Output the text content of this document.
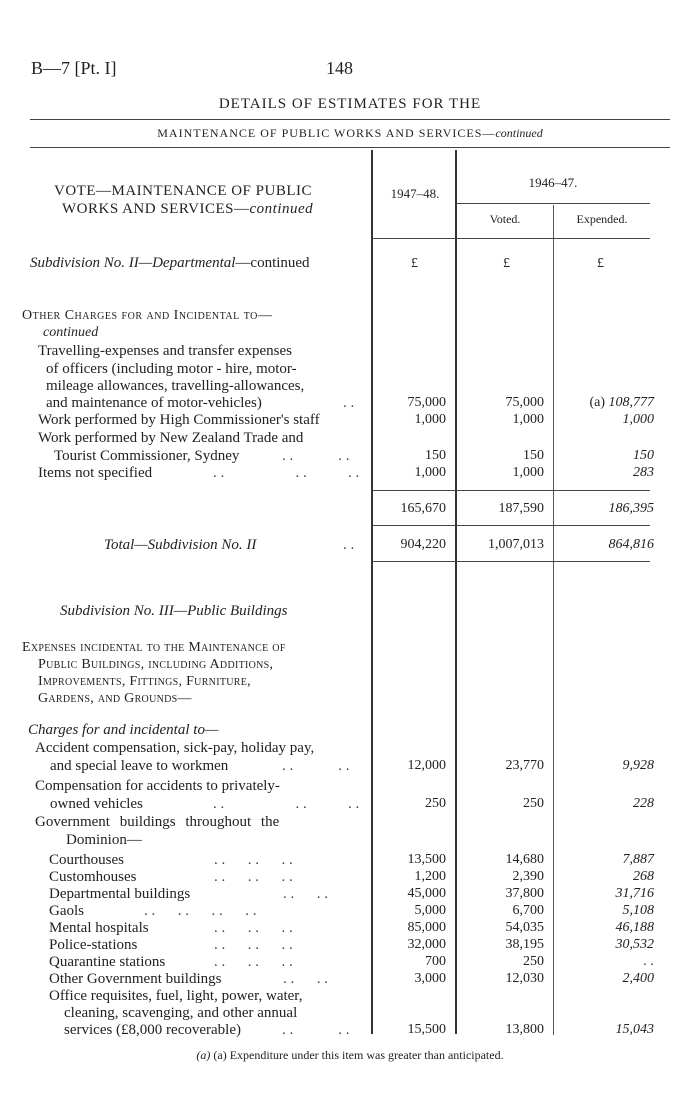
B—7 [Pt. I]	148
DETAILS OF ESTIMATES FOR THE
MAINTENANCE OF PUBLIC WORKS AND SERVICES—continued
VOTE—MAINTENANCE OF PUBLIC
WORKS AND SERVICES—continued
1947–48.
1946–47.
Voted.	Expended.
Subdivision No. II—Departmental—continued	£	£	£
Other Charges for and Incidental to—
continued
Travelling-expenses and transfer expenses
of officers (including motor - hire, motor-
mileage allowances, travelling-allowances,
and maintenance of motor-vehicles)	. .	75,000	75,000	(a) 108,777
Work performed by High Commissioner's staff	1,000	1,000	1,000
Work performed by New Zealand Trade and
Tourist Commissioner, Sydney	. .            . .	150	150	150
Items not specified	. .                   . .           . .	1,000	1,000	283
165,670	187,590	186,395
Total—Subdivision No. II	. .	904,220	1,007,013	864,816
Subdivision No. III—Public Buildings
Expenses incidental to the Maintenance of
Public Buildings, including Additions,
Improvements, Fittings, Furniture,
Gardens, and Grounds—
Charges for and incidental to—
Accident compensation, sick-pay, holiday pay,
and special leave to workmen	. .            . .	12,000	23,770	9,928
Compensation for accidents to privately-
owned vehicles	. .                   . .           . .	250	250	228
Government buildings throughout the
Dominion—
Courthouses	. .      . .      . .	13,500	14,680	7,887
Customhouses	. .      . .      . .	1,200	2,390	268
Departmental buildings	. .      . .	45,000	37,800	31,716
Gaols	. .      . .      . .      . .	5,000	6,700	5,108
Mental hospitals	. .      . .      . .	85,000	54,035	46,188
Police-stations	. .      . .      . .	32,000	38,195	30,532
Quarantine stations	. .      . .      . .	700	250	. .
Other Government buildings	. .      . .	3,000	12,030	2,400
Office requisites, fuel, light, power, water,
cleaning, scavenging, and other annual
services (£8,000 recoverable)	. .            . .	15,500	13,800	15,043
(a) (a) Expenditure under this item was greater than anticipated.
